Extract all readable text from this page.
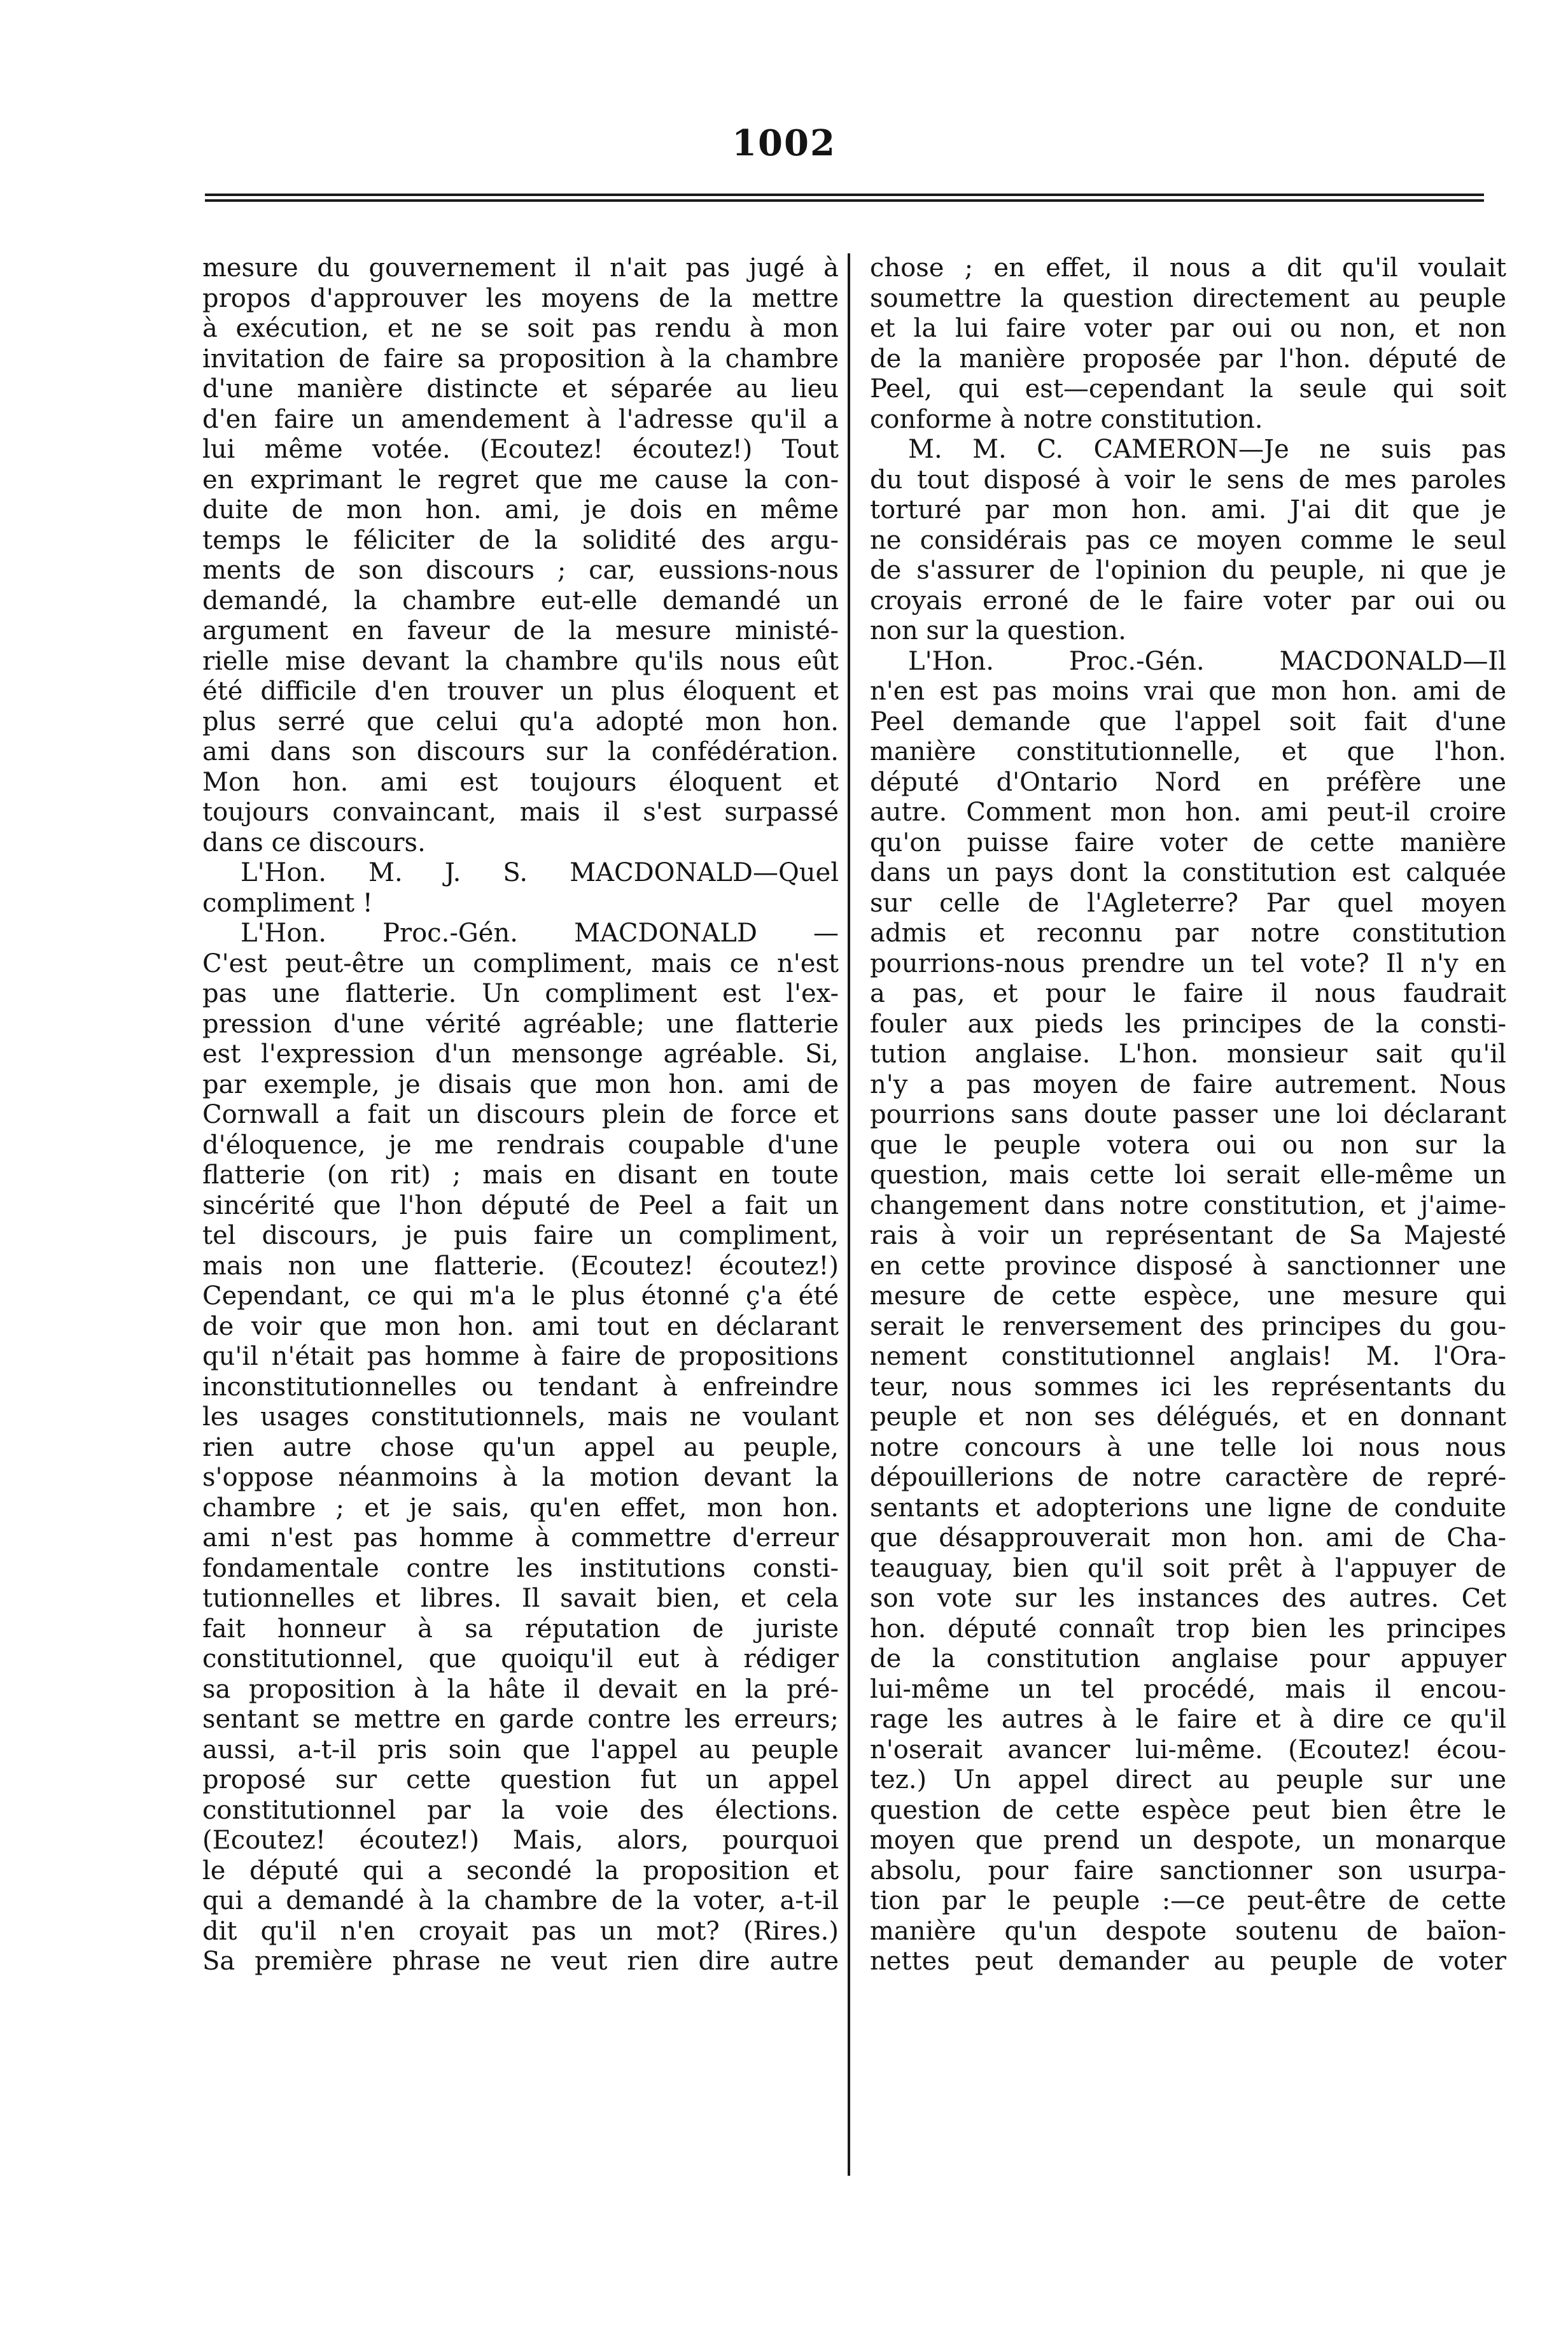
1002
mesure du gouvernement il n'ait pas jugé à
propos d'approuver les moyens de la mettre
à exécution, et ne se soit pas rendu à mon
invitation de faire sa proposition à la chambre
d'une manière distincte et séparée au lieu
d'en faire un amendement à l'adresse qu'il a
lui même votée. (Ecoutez! écoutez!) Tout
en exprimant le regret que me cause la con-
duite de mon hon. ami, je dois en même
temps le féliciter de la solidité des argu-
ments de son discours ; car, eussions-nous
demandé, la chambre eut-elle demandé un
argument en faveur de la mesure ministé-
rielle mise devant la chambre qu'ils nous eût
été difficile d'en trouver un plus éloquent et
plus serré que celui qu'a adopté mon hon.
ami dans son discours sur la confédération.
Mon hon. ami est toujours éloquent et
toujours convaincant, mais il s'est surpassé
dans ce discours.
L'Hon. M. J. S. MACDONALD—Quel
compliment !
L'Hon. Proc.-Gén. MACDONALD —
C'est peut-être un compliment, mais ce n'est
pas une flatterie. Un compliment est l'ex-
pression d'une vérité agréable; une flatterie
est l'expression d'un mensonge agréable. Si,
par exemple, je disais que mon hon. ami de
Cornwall a fait un discours plein de force et
d'éloquence, je me rendrais coupable d'une
flatterie (on rit) ; mais en disant en toute
sincérité que l'hon député de Peel a fait un
tel discours, je puis faire un compliment,
mais non une flatterie. (Ecoutez! écoutez!)
Cependant, ce qui m'a le plus étonné ç'a été
de voir que mon hon. ami tout en déclarant
qu'il n'était pas homme à faire de propositions
inconstitutionnelles ou tendant à enfreindre
les usages constitutionnels, mais ne voulant
rien autre chose qu'un appel au peuple,
s'oppose néanmoins à la motion devant la
chambre ; et je sais, qu'en effet, mon hon.
ami n'est pas homme à commettre d'erreur
fondamentale contre les institutions consti-
tutionnelles et libres. Il savait bien, et cela
fait honneur à sa réputation de juriste
constitutionnel, que quoiqu'il eut à rédiger
sa proposition à la hâte il devait en la pré-
sentant se mettre en garde contre les erreurs;
aussi, a-t-il pris soin que l'appel au peuple
proposé sur cette question fut un appel
constitutionnel par la voie des élections.
(Ecoutez! écoutez!) Mais, alors, pourquoi
le député qui a secondé la proposition et
qui a demandé à la chambre de la voter, a-t-il
dit qu'il n'en croyait pas un mot? (Rires.)
Sa première phrase ne veut rien dire autre
chose ; en effet, il nous a dit qu'il voulait
soumettre la question directement au peuple
et la lui faire voter par oui ou non, et non
de la manière proposée par l'hon. député de
Peel, qui est—cependant la seule qui soit
conforme à notre constitution.
M. M. C. CAMERON—Je ne suis pas
du tout disposé à voir le sens de mes paroles
torturé par mon hon. ami. J'ai dit que je
ne considérais pas ce moyen comme le seul
de s'assurer de l'opinion du peuple, ni que je
croyais erroné de le faire voter par oui ou
non sur la question.
L'Hon. Proc.-Gén. MACDONALD—Il
n'en est pas moins vrai que mon hon. ami de
Peel demande que l'appel soit fait d'une
manière constitutionnelle, et que l'hon.
député d'Ontario Nord en préfère une
autre. Comment mon hon. ami peut-il croire
qu'on puisse faire voter de cette manière
dans un pays dont la constitution est calquée
sur celle de l'Agleterre? Par quel moyen
admis et reconnu par notre constitution
pourrions-nous prendre un tel vote? Il n'y en
a pas, et pour le faire il nous faudrait
fouler aux pieds les principes de la consti-
tution anglaise. L'hon. monsieur sait qu'il
n'y a pas moyen de faire autrement. Nous
pourrions sans doute passer une loi déclarant
que le peuple votera oui ou non sur la
question, mais cette loi serait elle-même un
changement dans notre constitution, et j'aime-
rais à voir un représentant de Sa Majesté
en cette province disposé à sanctionner une
mesure de cette espèce, une mesure qui
serait le renversement des principes du gou-
nement constitutionnel anglais! M. l'Ora-
teur, nous sommes ici les représentants du
peuple et non ses délégués, et en donnant
notre concours à une telle loi nous nous
dépouillerions de notre caractère de repré-
sentants et adopterions une ligne de conduite
que désapprouverait mon hon. ami de Cha-
teauguay, bien qu'il soit prêt à l'appuyer de
son vote sur les instances des autres. Cet
hon. député connaît trop bien les principes
de la constitution anglaise pour appuyer
lui-même un tel procédé, mais il encou-
rage les autres à le faire et à dire ce qu'il
n'oserait avancer lui-même. (Ecoutez! écou-
tez.) Un appel direct au peuple sur une
question de cette espèce peut bien être le
moyen que prend un despote, un monarque
absolu, pour faire sanctionner son usurpa-
tion par le peuple :—ce peut-être de cette
manière qu'un despote soutenu de baïon-
nettes peut demander au peuple de voter
